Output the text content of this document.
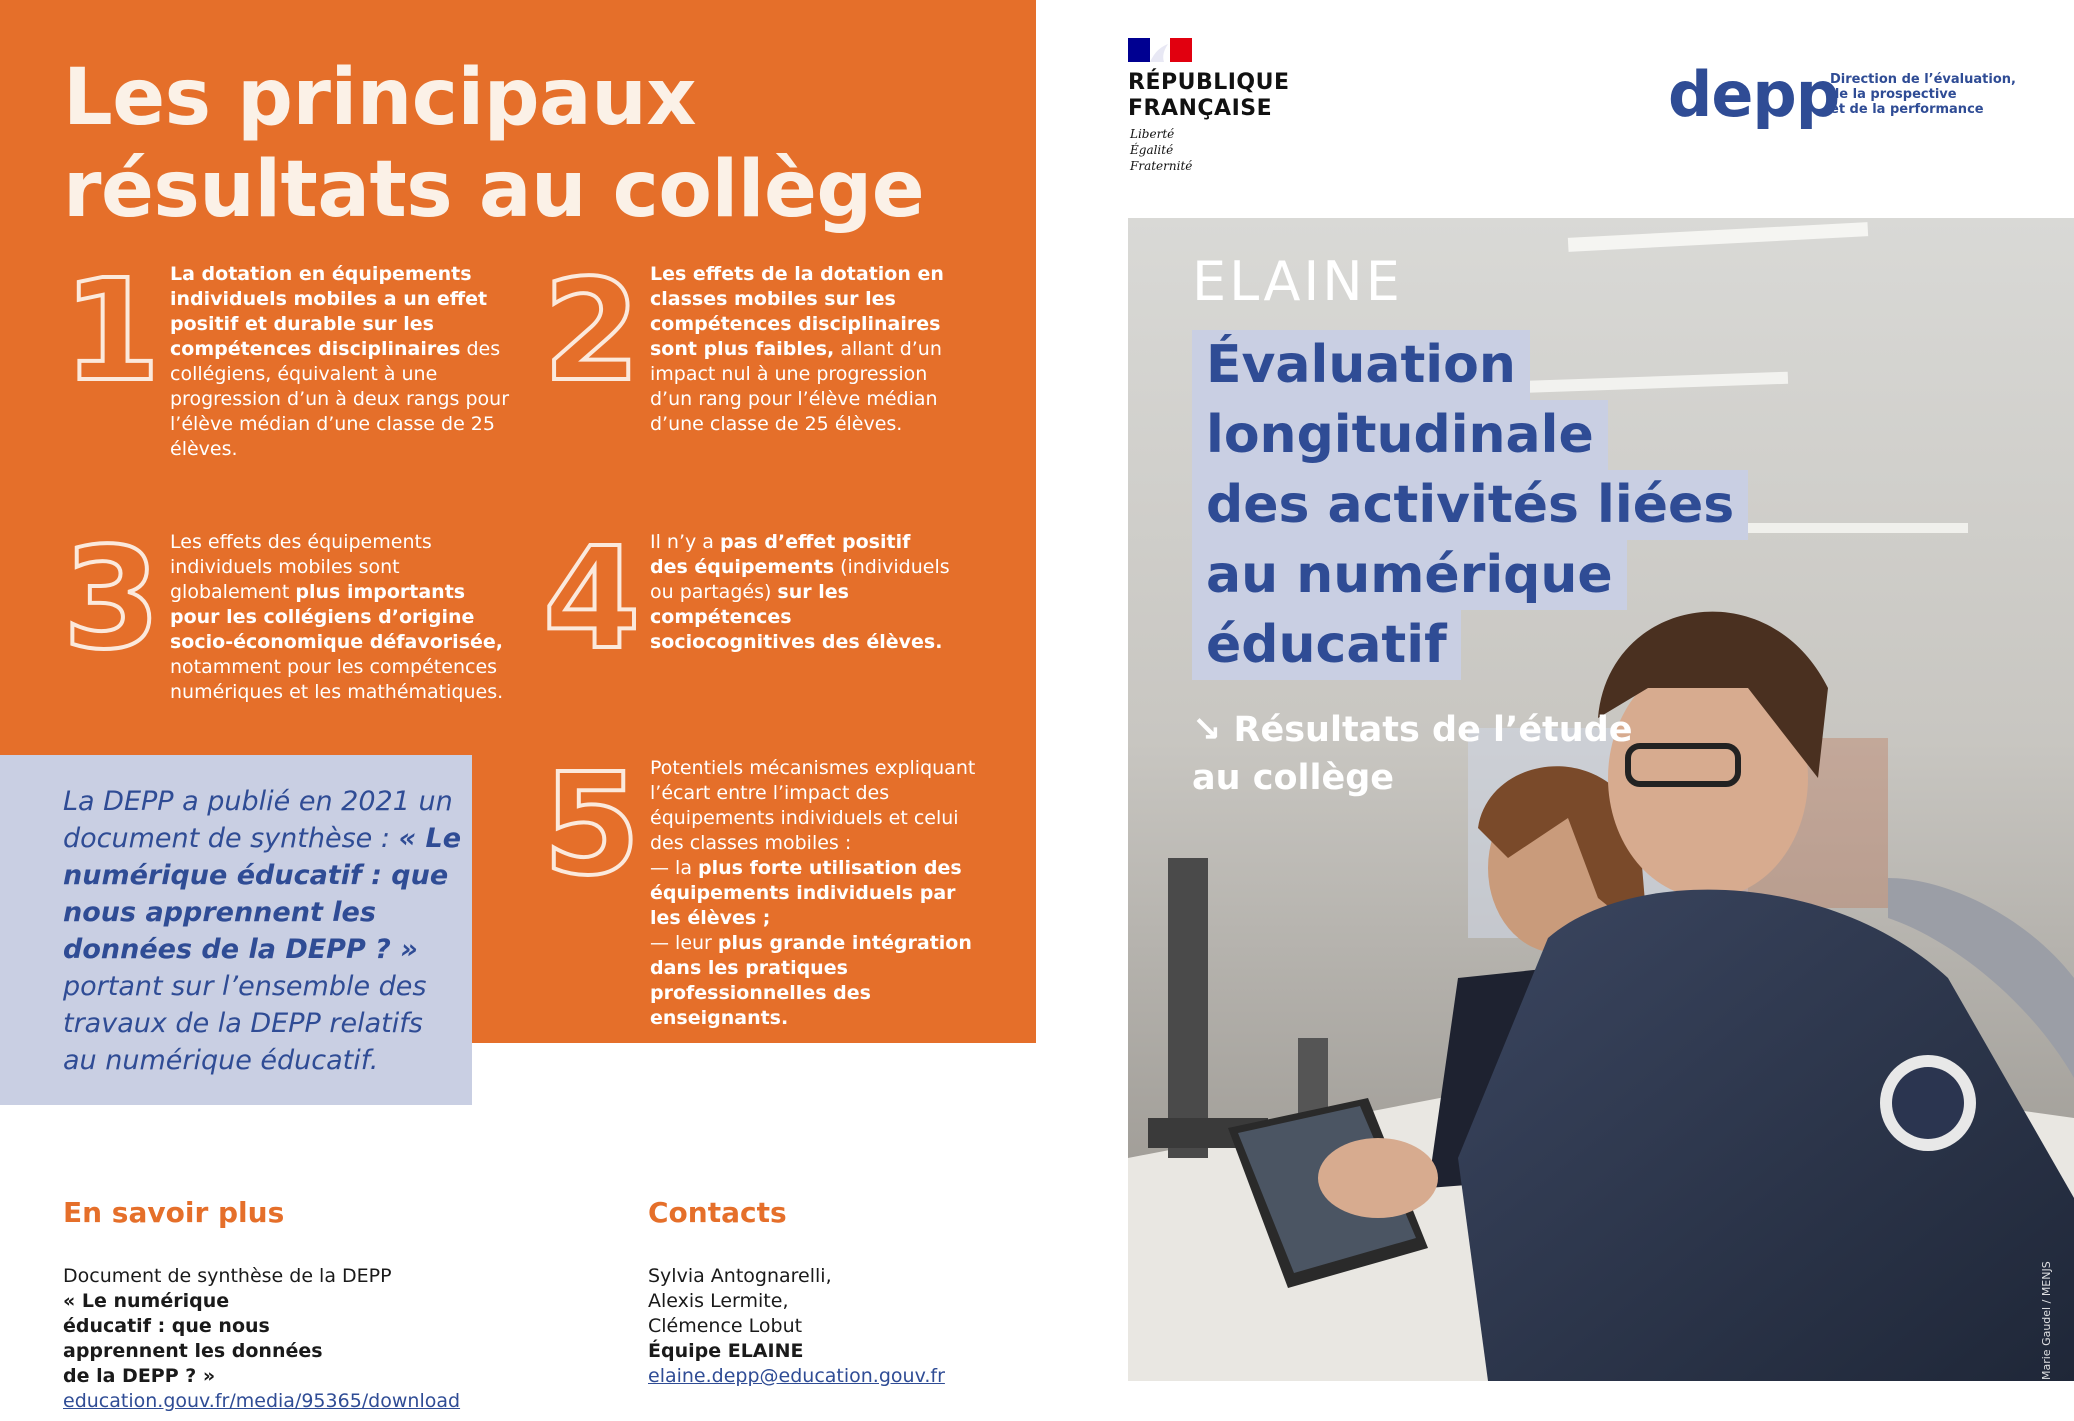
Les principaux
résultats au collège
1 La dotation en équipements individuels mobiles a un effet positif et durable sur les compétences disciplinaires des collégiens, équivalent à une progression d’un à deux rangs pour l’élève médian d’une classe de 25 élèves.
2 Les effets de la dotation en classes mobiles sur les compétences disciplinaires sont plus faibles, allant d’un impact nul à une progression d’un rang pour l’élève médian d’une classe de 25 élèves.
3 Les effets des équipements individuels mobiles sont globalement plus importants pour les collégiens d’origine socio-économique défavorisée, notamment pour les compétences numériques et les mathématiques.
4 Il n’y a pas d’effet positif des équipements (individuels ou partagés) sur les compétences sociocognitives des élèves.
5 Potentiels mécanismes expliquant l’écart entre l’impact des équipements individuels et celui des classes mobiles :
— la plus forte utilisation des équipements individuels par les élèves ;
— leur plus grande intégration dans les pratiques professionnelles des enseignants.
La DEPP a publié en 2021 un document de synthèse : « Le numérique éducatif : que nous apprennent les données de la DEPP ? » portant sur l’ensemble des travaux de la DEPP relatifs au numérique éducatif.
En savoir plus

Document de synthèse de la DEPP

« Le numérique éducatif : que nous apprennent les données de la DEPP ? »

education.gouv.fr/media/95365/download
Contacts

Sylvia Antognarelli,

Alexis Lermite,

Clémence Lobut

Équipe ELAINE

elaine.depp@education.gouv.fr
RÉPUBLIQUE
FRANÇAISE
Liberté
Égalité
Fraternité
depp
Direction de l’évaluation,
de la prospective
et de la performance
ELAINE
Évaluation
longitudinale
des activités liées
au numérique
éducatif
↘ Résultats de l’étude au collège
Marie Gaudel / MENJS
